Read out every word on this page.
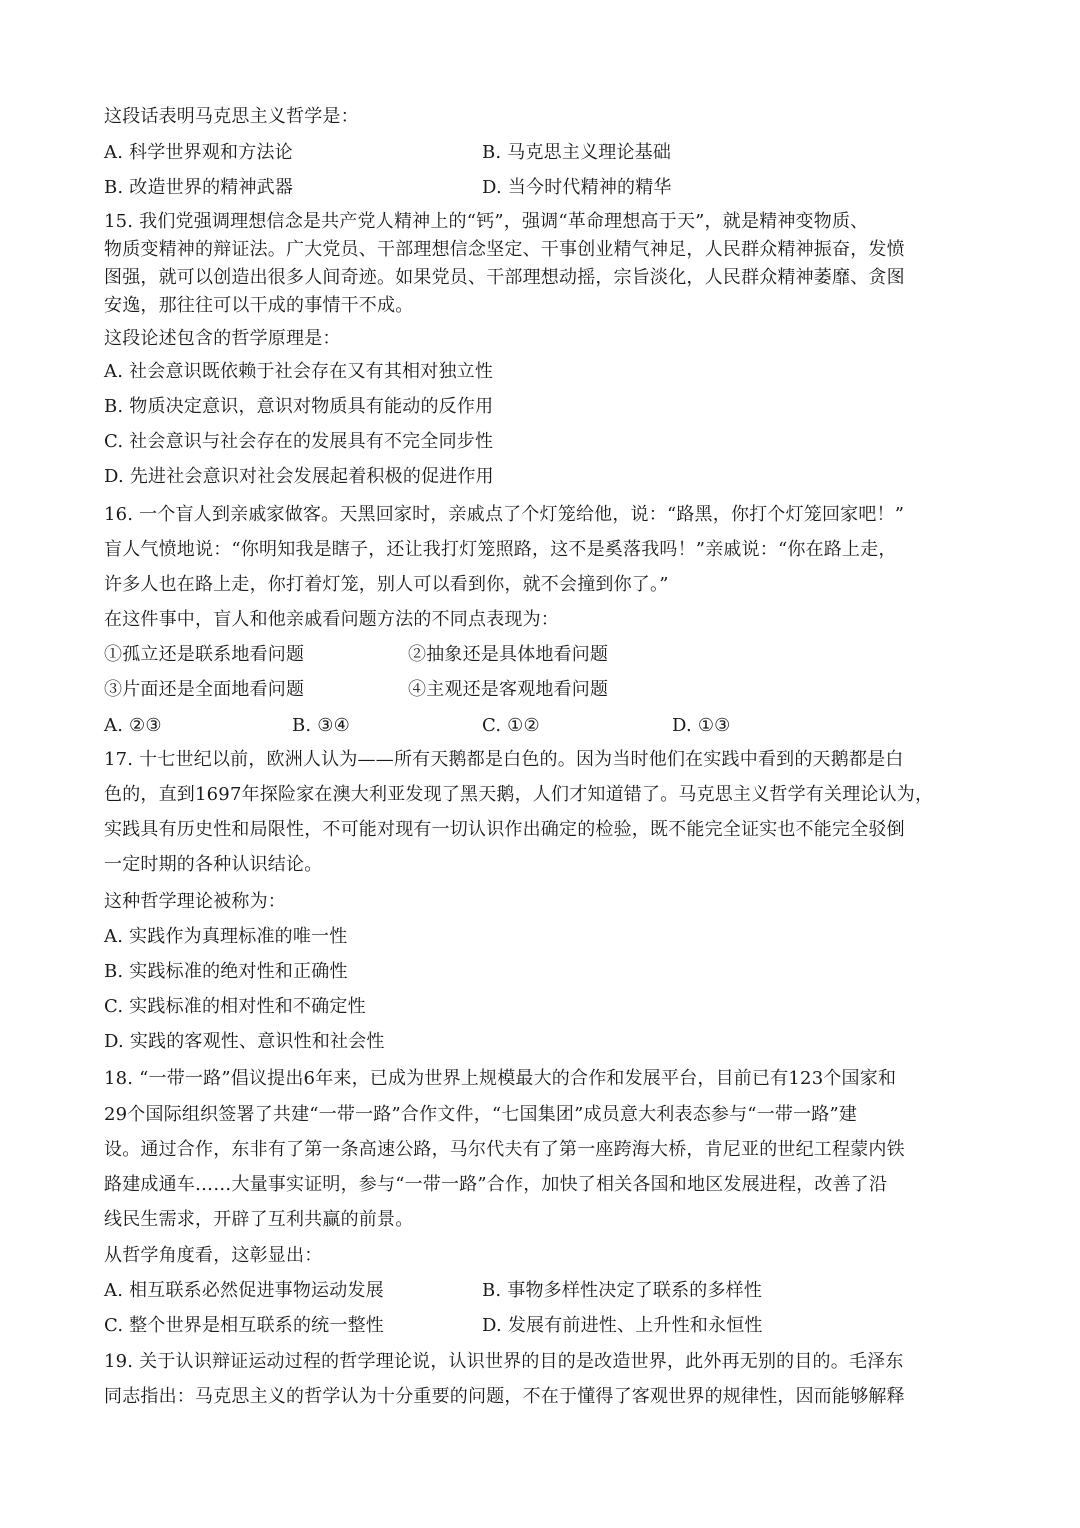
这段话表明马克思主义哲学是：
A. 科学世界观和方法论	B. 马克思主义理论基础
B. 改造世界的精神武器	D. 当今时代精神的精华
15. 我们党强调理想信念是共产党人精神上的“钙”，强调“革命理想高于天”，就是精神变物质、
物质变精神的辩证法。广大党员、干部理想信念坚定、干事创业精气神足，人民群众精神振奋，发愤
图强，就可以创造出很多人间奇迹。如果党员、干部理想动摇，宗旨淡化，人民群众精神萎靡、贪图
安逸，那往往可以干成的事情干不成。
这段论述包含的哲学原理是：
A. 社会意识既依赖于社会存在又有其相对独立性
B. 物质决定意识，意识对物质具有能动的反作用
C. 社会意识与社会存在的发展具有不完全同步性
D. 先进社会意识对社会发展起着积极的促进作用
16. 一个盲人到亲戚家做客。天黑回家时，亲戚点了个灯笼给他，说：“路黑，你打个灯笼回家吧！”
盲人气愤地说：“你明知我是瞎子，还让我打灯笼照路，这不是奚落我吗！”亲戚说：“你在路上走，
许多人也在路上走，你打着灯笼，别人可以看到你，就不会撞到你了。”
在这件事中，盲人和他亲戚看问题方法的不同点表现为：
①孤立还是联系地看问题	②抽象还是具体地看问题
③片面还是全面地看问题	④主观还是客观地看问题
A. ②③	B. ③④	C. ①②	D. ①③
17. 十七世纪以前，欧洲人认为——所有天鹅都是白色的。因为当时他们在实践中看到的天鹅都是白
色的，直到1697年探险家在澳大利亚发现了黑天鹅，人们才知道错了。马克思主义哲学有关理论认为，
实践具有历史性和局限性，不可能对现有一切认识作出确定的检验，既不能完全证实也不能完全驳倒
一定时期的各种认识结论。
这种哲学理论被称为：
A. 实践作为真理标准的唯一性
B. 实践标准的绝对性和正确性
C. 实践标准的相对性和不确定性
D. 实践的客观性、意识性和社会性
18. “一带一路”倡议提出6年来，已成为世界上规模最大的合作和发展平台，目前已有123个国家和
29个国际组织签署了共建“一带一路”合作文件，“七国集团”成员意大利表态参与“一带一路”建
设。通过合作，东非有了第一条高速公路，马尔代夫有了第一座跨海大桥，肯尼亚的世纪工程蒙内铁
路建成通车……大量事实证明，参与“一带一路”合作，加快了相关各国和地区发展进程，改善了沿
线民生需求，开辟了互利共赢的前景。
从哲学角度看，这彰显出：
A. 相互联系必然促进事物运动发展	B. 事物多样性决定了联系的多样性
C. 整个世界是相互联系的统一整性	D. 发展有前进性、上升性和永恒性
19. 关于认识辩证运动过程的哲学理论说，认识世界的目的是改造世界，此外再无别的目的。毛泽东
同志指出：马克思主义的哲学认为十分重要的问题，不在于懂得了客观世界的规律性，因而能够解释
